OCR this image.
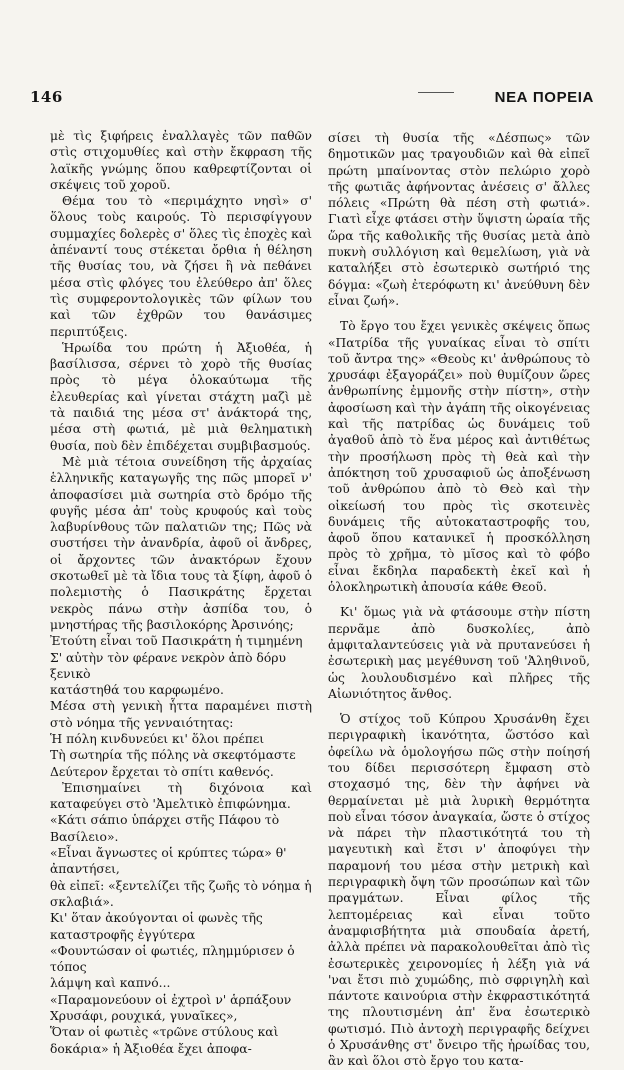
146	ΝΕΑ ΠΟΡΕΙΑ

μὲ τὶς ξιφήρεις ἐναλλαγὲς τῶν παθῶν στὶς στιχομυθίες καὶ στὴν ἔκφραση τῆς λαϊκῆς γνώμης ὅπου καθρεφτίζονται οἱ σκέψεις τοῦ χοροῦ.

Θέμα του τὸ «περιμάχητο νησὶ» σ' ὅλους τοὺς καιρούς. Τὸ περισφίγγουν συμμαχίες δολερὲς σ' ὅλες τὶς ἐποχὲς καὶ ἀπέναντί τους στέκεται ὄρθια ἡ θέληση τῆς θυσίας του, νὰ ζήσει ἢ νὰ πεθάνει μέσα στὶς φλόγες του ἐλεύθερο ἀπ' ὅλες τὶς συμφεροντολογικὲς τῶν φίλων του καὶ τῶν ἐχθρῶν του θανάσιμες περιπτύξεις.

Ἡρωίδα του πρώτη ἡ Ἀξιοθέα, ἡ βασίλισσα, σέρνει τὸ χορὸ τῆς θυσίας πρὸς τὸ μέγα ὁλοκαύτωμα τῆς ἐλευθερίας καὶ γίνεται στάχτη μαζὶ μὲ τὰ παιδιά της μέσα στ' ἀνάκτορά της, μέσα στὴ φωτιά, μὲ μιὰ θεληματικὴ θυσία, ποὺ δὲν ἐπιδέχεται συμβιβασμούς.

Μὲ μιὰ τέτοια συνείδηση τῆς ἀρχαίας ἑλληνικῆς καταγωγῆς της πῶς μπορεῖ ν' ἀποφασίσει μιὰ σωτηρία στὸ δρόμο τῆς φυγῆς μέσα ἀπ' τοὺς κρυφούς καὶ τοὺς λαβυρίνθους τῶν παλατιῶν της; Πῶς νὰ συστήσει τὴν ἀνανδρία, ἀφοῦ οἱ ἄνδρες, οἱ ἄρχοντες τῶν ἀνακτόρων ἔχουν σκοτωθεῖ μὲ τὰ ἴδια τους τὰ ξίφη, ἀφοῦ ὁ πολεμιστὴς ὁ Πασικράτης ἔρχεται νεκρὸς πάνω στὴν ἀσπίδα του, ὁ μνηστήρας τῆς βασιλοκόρης Ἀρσινόης;

Ἐτούτη εἶναι τοῦ Πασικράτη ἡ τιμημένη

Σ' αὐτὴν τὸν φέρανε νεκρὸν ἀπὸ δόρυ ξενικὸ

κατάστηθά του καρφωμένο.

Μέσα στὴ γενικὴ ἧττα παραμένει πιστὴ στὸ νόημα τῆς γενναιότητας:

Ἡ πόλη κινδυνεύει κι' ὅλοι πρέπει

Τὴ σωτηρία τῆς πόλης νὰ σκεφτόμαστε

Δεύτερον ἔρχεται τὸ σπίτι καθενός.

Ἐπισημαίνει τὴ διχόνοια καὶ καταφεύγει στὸ 'Ἀμελτικὸ ἐπιφώνημα.

«Κάτι σάπιο ὑπάρχει στῆς Πάφου τὸ Βασίλειο».

«Εἶναι ἄγνωστες οἱ κρύπτες τώρα» θ' ἀπαντήσει,

θὰ εἰπεῖ: «ξεντελίζει τῆς ζωῆς τὸ νόημα ἡ σκλαβιά».

Κι' ὅταν ἀκούγονται οἱ φωνὲς τῆς καταστροφῆς ἐγγύτερα

«Φουντώσαν οἱ φωτιές, πλημμύρισεν ὁ τόπος

λάμψη καὶ καπνό...

«Παραμονεύουν οἱ ἐχτροὶ ν' ἁρπάξουν Χρυσάφι, ρουχικά, γυναῖκες»,

Ὅταν οἱ φωτιὲς «τρῶνε στύλους καὶ δοκάρια» ἡ Ἀξιοθέα ἔχει ἀποφα-

σίσει τὴ θυσία τῆς «Δέσπως» τῶν δημοτικῶν μας τραγουδιῶν καὶ θὰ εἰπεῖ πρώτη μπαίνοντας στὸν πελώριο χορὸ τῆς φωτιᾶς ἀφήνοντας ἀνέσεις σ' ἄλλες πόλεις «Πρώτη θὰ πέση στὴ φωτιά». Γιατὶ εἶχε φτάσει στὴν ὕψιστη ὡραία τῆς ὥρα τῆς καθολικῆς τῆς θυσίας μετὰ ἀπὸ πυκνὴ συλλόγιση καὶ θεμελίωση, γιὰ νὰ καταλήξει στὸ ἐσωτερικὸ σωτήριό της δόγμα: «ζωὴ ἐτερόφωτη κι' ἀνεύθυνη δὲν εἶναι ζωή».

Τὸ ἔργο του ἔχει γενικὲς σκέψεις ὅπως «Πατρίδα τῆς γυναίκας εἶναι τὸ σπίτι τοῦ ἄντρα της» «Θεοὺς κι' ἀνθρώπους τὸ χρυσάφι ἐξαγοράζει» ποὺ θυμίζουν ὥρες ἀνθρωπίνης ἐμμονῆς στὴν πίστη», στὴν ἀφοσίωση καὶ τὴν ἀγάπη τῆς οἰκογένειας καὶ τῆς πατρίδας ὡς δυνάμεις τοῦ ἀγαθοῦ ἀπὸ τὸ ἕνα μέρος καὶ ἀντιθέτως τὴν προσήλωση πρὸς τὴ θεὰ καὶ τὴν ἀπόκτηση τοῦ χρυσαφιοῦ ὡς ἀποξένωση τοῦ ἀνθρώπου ἀπὸ τὸ Θεὸ καὶ τὴν οἰκείωσή του πρὸς τὶς σκοτεινὲς δυνάμεις τῆς αὐτοκαταστροφῆς του, ἀφοῦ ὅπου κατανικεῖ ἡ προσκόλληση πρὸς τὸ χρῆμα, τὸ μῖσος καὶ τὸ φόβο εἶναι ἔκδηλα παραδεκτὴ ἐκεῖ καὶ ἡ ὁλοκληρωτικὴ ἀπουσία κάθε Θεοῦ.

Κι' ὅμως γιὰ νὰ φτάσουμε στὴν πίστη περνᾶμε ἀπὸ δυσκολίες, ἀπὸ ἀμφιταλαντεύσεις γιὰ νὰ πρυτανεύσει ἡ ἐσωτερικὴ μας μεγέθυνση τοῦ 'Ἀληθινοῦ, ὡς λουλουδισμένο καὶ πλῆρες τῆς Αἰωνιότητος ἄνθος.

Ὁ στίχος τοῦ Κύπρου Χρυσάνθη ἔχει περιγραφικὴ ἱκανότητα, ὥστόσο καὶ ὀφείλω νὰ ὁμολογήσω πῶς στὴν ποίησή του δίδει περισσότερη ἔμφαση στὸ στοχασμό της, δὲν τὴν ἀφήνει νὰ θερμαίνεται μὲ μιὰ λυρικὴ θερμότητα ποὺ εἶναι τόσον ἀναγκαία, ὥστε ὁ στίχος νὰ πάρει τὴν πλαστικότητά του τὴ μαγευτικὴ καὶ ἔτσι ν' ἀποφύγει τὴν παραμονή του μέσα στὴν μετρικὴ καὶ περιγραφικὴ ὄψη τῶν προσώπων καὶ τῶν πραγμάτων. Εἶναι φίλος τῆς λεπτομέρειας καὶ εἶναι τοῦτο ἀναμφισβήτητα μιὰ σπουδαία ἀρετή, ἀλλὰ πρέπει νὰ παρακολουθεῖται ἀπὸ τὶς ἐσωτερικὲς χειρονομίες ἡ λέξη γιὰ νά 'ναι ἔτσι πιὸ χυμώδης, πιὸ σφριγηλὴ καὶ πάντοτε καινούρια στὴν ἐκφραστικότητά της πλουτισμένη ἀπ' ἕνα ἐσωτερικὸ φωτισμό. Πιὸ ἀντοχὴ περιγραφῆς δείχνει ὁ Χρυσάνθης στ' ὄνειρο τῆς ἡρωίδας του, ἂν καὶ ὅλοι στὸ ἔργο του κατα-
